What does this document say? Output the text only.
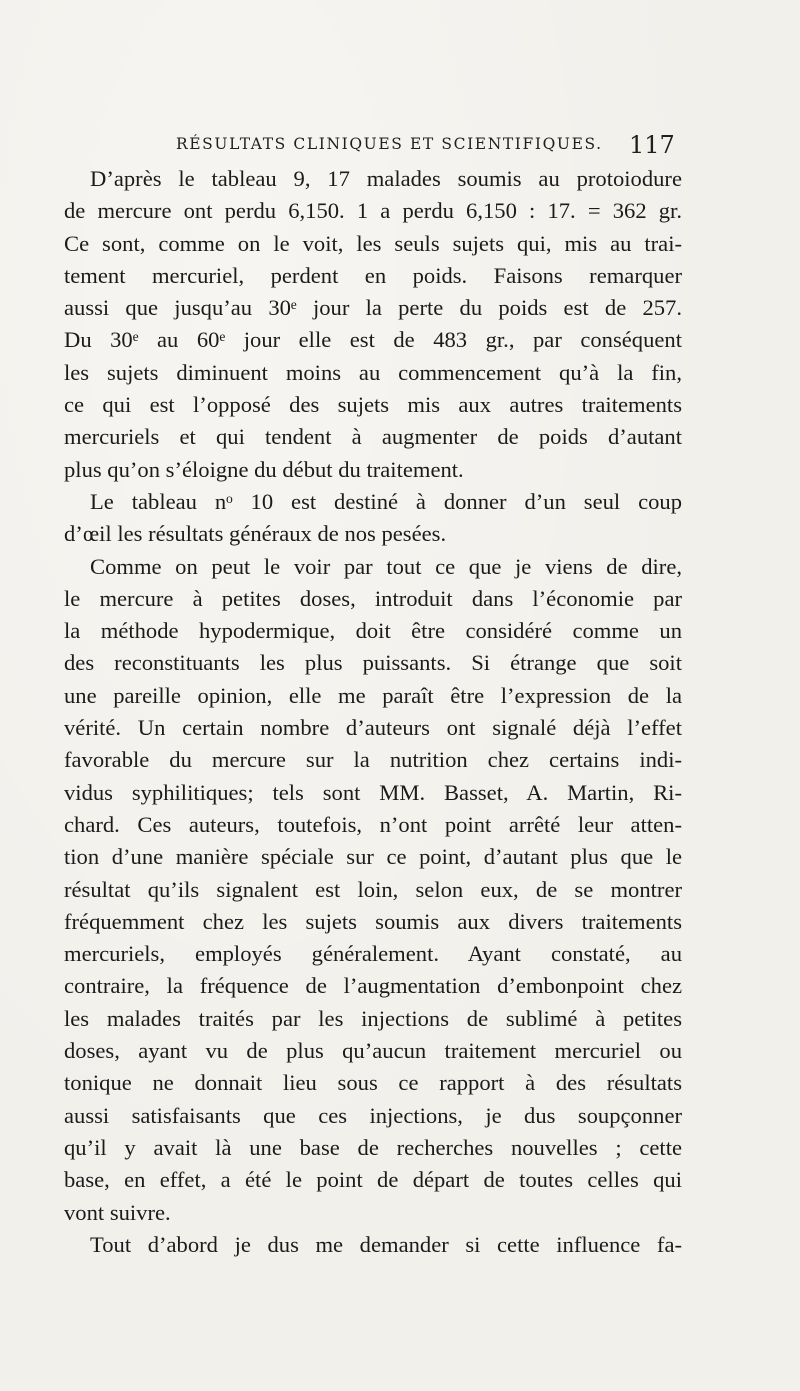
RÉSULTATS CLINIQUES ET SCIENTIFIQUES. 117
D’après le tableau 9, 17 malades soumis au protoiodure
de mercure ont perdu 6,150. 1 a perdu 6,150 : 17. = 362 gr.
Ce sont, comme on le voit, les seuls sujets qui, mis au trai-
tement mercuriel, perdent en poids. Faisons remarquer
aussi que jusqu’au 30ᵉ jour la perte du poids est de 257.
Du 30ᵉ au 60ᵉ jour elle est de 483 gr., par conséquent
les sujets diminuent moins au commencement qu’à la fin,
ce qui est l’opposé des sujets mis aux autres traitements
mercuriels et qui tendent à augmenter de poids d’autant
plus qu’on s’éloigne du début du traitement.
Le tableau nᵒ 10 est destiné à donner d’un seul coup
d’œil les résultats généraux de nos pesées.
Comme on peut le voir par tout ce que je viens de dire,
le mercure à petites doses, introduit dans l’économie par
la méthode hypodermique, doit être considéré comme un
des reconstituants les plus puissants. Si étrange que soit
une pareille opinion, elle me paraît être l’expression de la
vérité. Un certain nombre d’auteurs ont signalé déjà l’effet
favorable du mercure sur la nutrition chez certains indi-
vidus syphilitiques; tels sont MM. Basset, A. Martin, Ri-
chard. Ces auteurs, toutefois, n’ont point arrêté leur atten-
tion d’une manière spéciale sur ce point, d’autant plus que le
résultat qu’ils signalent est loin, selon eux, de se montrer
fréquemment chez les sujets soumis aux divers traitements
mercuriels, employés généralement. Ayant constaté, au
contraire, la fréquence de l’augmentation d’embonpoint chez
les malades traités par les injections de sublimé à petites
doses, ayant vu de plus qu’aucun traitement mercuriel ou
tonique ne donnait lieu sous ce rapport à des résultats
aussi satisfaisants que ces injections, je dus soupçonner
qu’il y avait là une base de recherches nouvelles ; cette
base, en effet, a été le point de départ de toutes celles qui
vont suivre.
Tout d’abord je dus me demander si cette influence fa-
